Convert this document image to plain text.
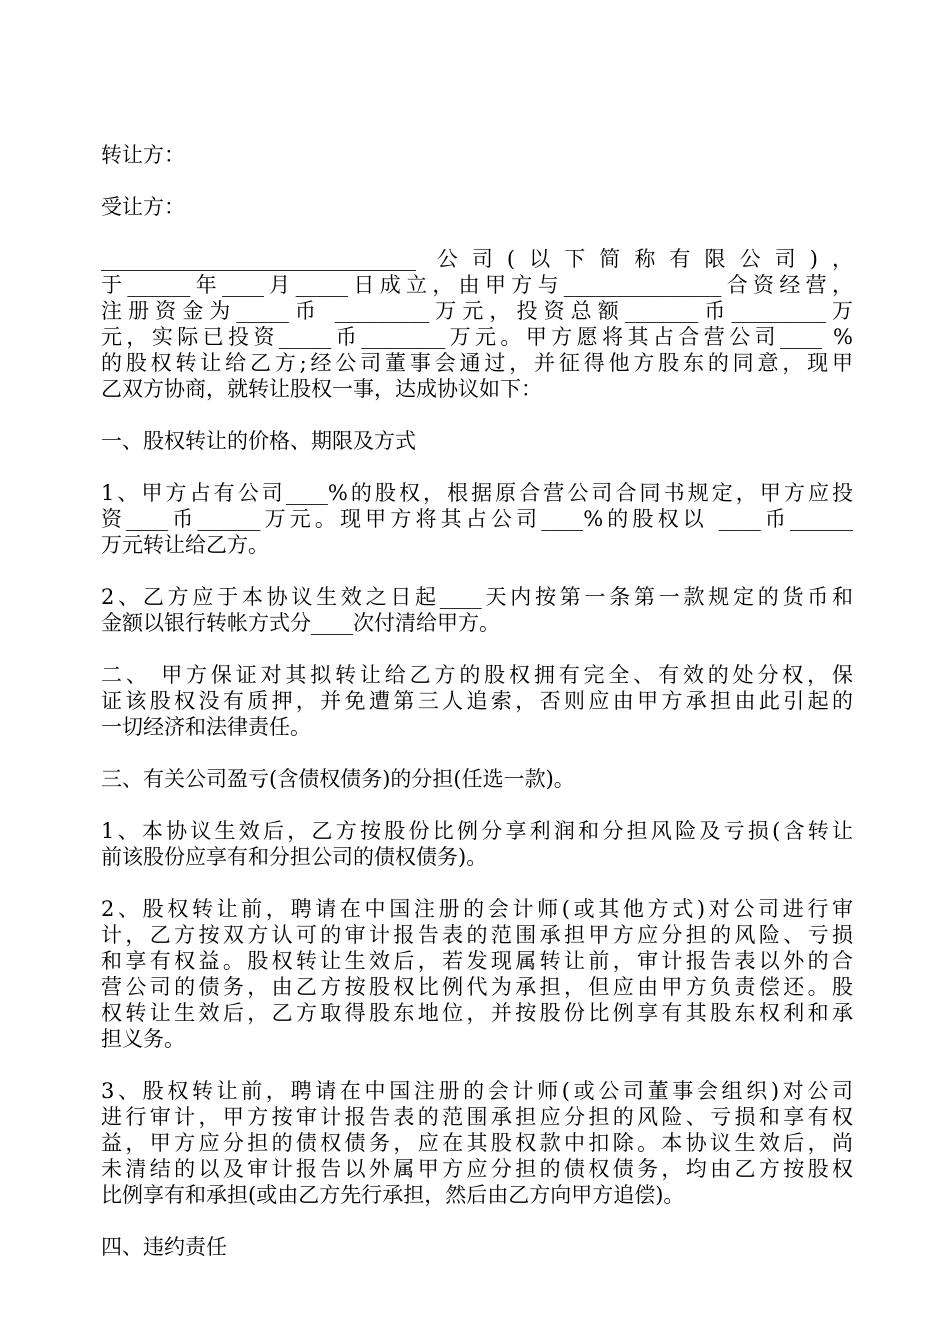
转让方：
受让方：
______________________________ 公司(以下简称有限公司)，
于______年____月_____日成立，由甲方与_______________合资经营，
注册资金为_____币 _________万元，投资总额_______币_________万
元，实际已投资_____币________万元。甲方愿将其占合营公司____ %
的股权转让给乙方;经公司董事会通过，并征得他方股东的同意，现甲
乙双方协商，就转让股权一事，达成协议如下：
一、股权转让的价格、期限及方式
1、甲方占有公司____%的股权，根据原合营公司合同书规定，甲方应投
资____币______万元。现甲方将其占公司____%的股权以 ____币______
万元转让给乙方。
2、乙方应于本协议生效之日起____天内按第一条第一款规定的货币和
金额以银行转帐方式分____次付清给甲方。
二、 甲方保证对其拟转让给乙方的股权拥有完全、有效的处分权，保
证该股权没有质押，并免遭第三人追索，否则应由甲方承担由此引起的
一切经济和法律责任。
三、有关公司盈亏(含债权债务)的分担(任选一款)。
1、本协议生效后，乙方按股份比例分享利润和分担风险及亏损(含转让
前该股份应享有和分担公司的债权债务)。
2、股权转让前，聘请在中国注册的会计师(或其他方式)对公司进行审
计，乙方按双方认可的审计报告表的范围承担甲方应分担的风险、亏损
和享有权益。股权转让生效后，若发现属转让前，审计报告表以外的合
营公司的债务，由乙方按股权比例代为承担，但应由甲方负责偿还。股
权转让生效后，乙方取得股东地位，并按股份比例享有其股东权利和承
担义务。
3、股权转让前，聘请在中国注册的会计师(或公司董事会组织)对公司
进行审计，甲方按审计报告表的范围承担应分担的风险、亏损和享有权
益，甲方应分担的债权债务，应在其股权款中扣除。本协议生效后，尚
未清结的以及审计报告以外属甲方应分担的债权债务，均由乙方按股权
比例享有和承担(或由乙方先行承担，然后由乙方向甲方追偿)。
四、违约责任
